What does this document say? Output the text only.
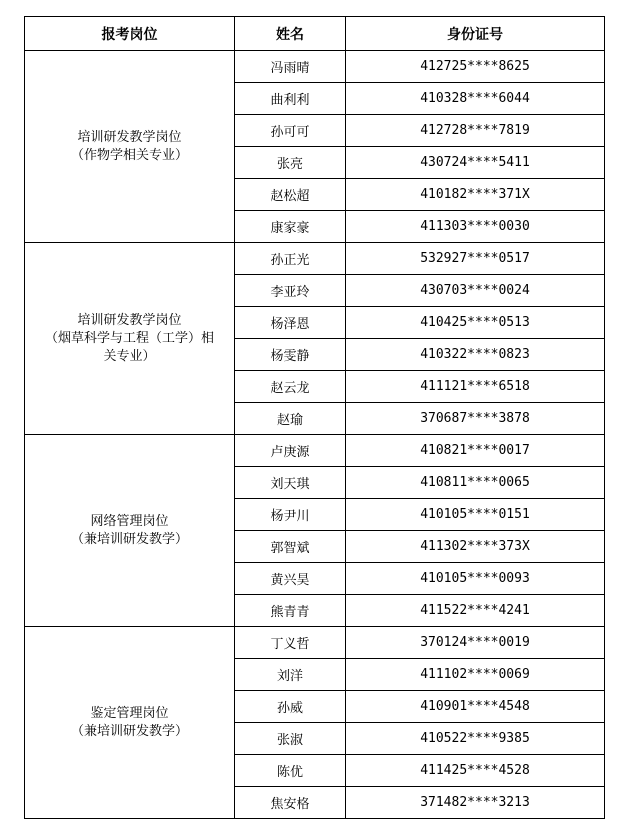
报考岗位	姓名	身份证号

培训研发教学岗位
（作物学相关专业）	冯雨晴	412725****8625
	曲利利	410328****6044
	孙可可	412728****7819
	张亮	430724****5411
	赵松超	410182****371X
	康家豪	411303****0030

培训研发教学岗位
（烟草科学与工程（工学）相
关专业）	孙正光	532927****0517
	李亚玲	430703****0024
	杨泽恩	410425****0513
	杨雯静	410322****0823
	赵云龙	411121****6518
	赵瑜	370687****3878

网络管理岗位
（兼培训研发教学）	卢庚源	410821****0017
	刘天琪	410811****0065
	杨尹川	410105****0151
	郭智斌	411302****373X
	黄兴昊	410105****0093
	熊青青	411522****4241

鉴定管理岗位
（兼培训研发教学）	丁义哲	370124****0019
	刘洋	411102****0069
	孙威	410901****4548
	张淑	410522****9385
	陈优	411425****4528
	焦安格	371482****3213
